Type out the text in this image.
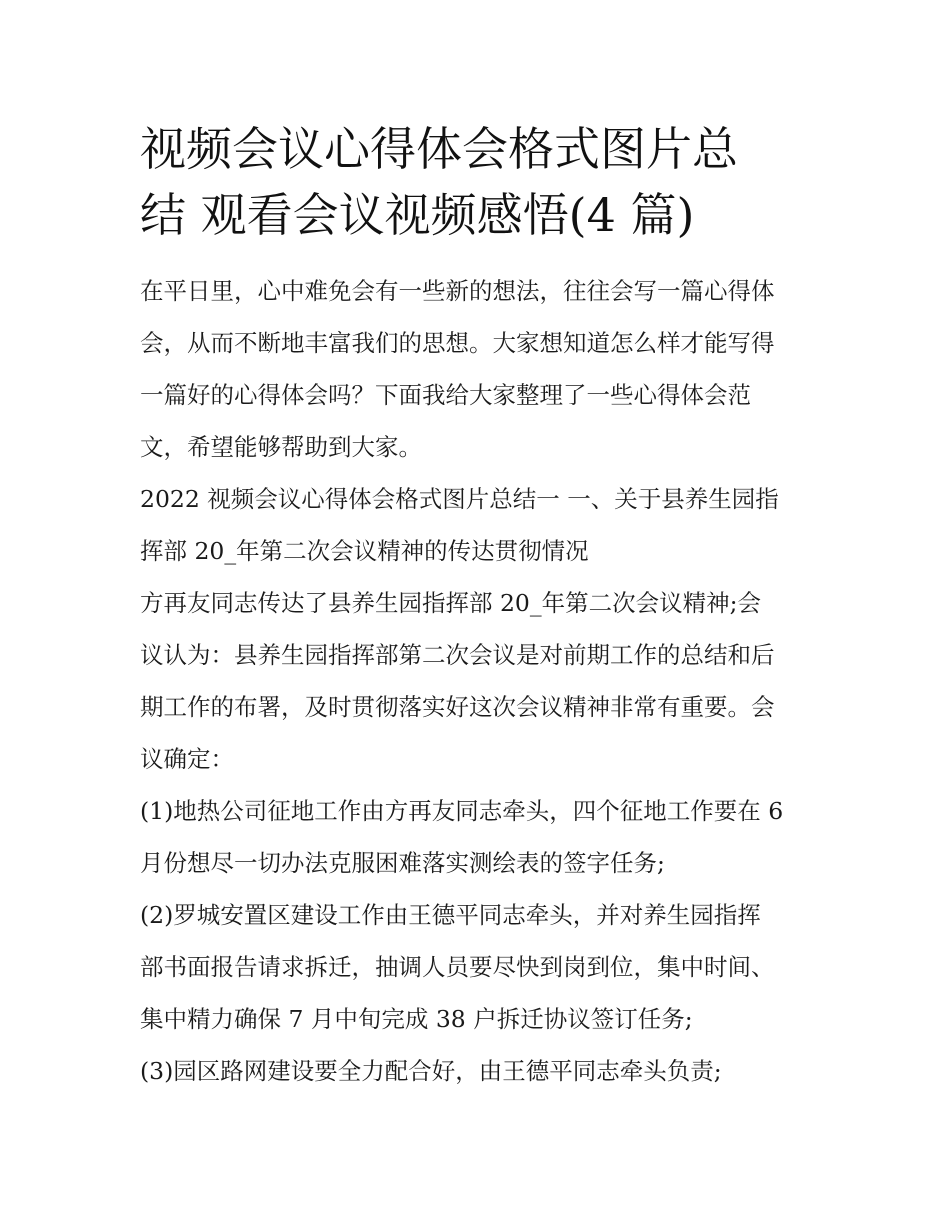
视频会议心得体会格式图片总
结 观看会议视频感悟(4 篇)

在平日里，心中难免会有一些新的想法，往往会写一篇心得体
会，从而不断地丰富我们的思想。大家想知道怎么样才能写得
一篇好的心得体会吗？下面我给大家整理了一些心得体会范
文，希望能够帮助到大家。

2022 视频会议心得体会格式图片总结一 一、关于县养生园指
挥部 20_年第二次会议精神的传达贯彻情况

方再友同志传达了县养生园指挥部 20_年第二次会议精神;会
议认为：县养生园指挥部第二次会议是对前期工作的总结和后
期工作的布署，及时贯彻落实好这次会议精神非常有重要。会
议确定：

(1)地热公司征地工作由方再友同志牵头，四个征地工作要在 6
月份想尽一切办法克服困难落实测绘表的签字任务;

(2)罗城安置区建设工作由王德平同志牵头，并对养生园指挥
部书面报告请求拆迁，抽调人员要尽快到岗到位，集中时间、
集中精力确保 7 月中旬完成 38 户拆迁协议签订任务;

(3)园区路网建设要全力配合好，由王德平同志牵头负责;
